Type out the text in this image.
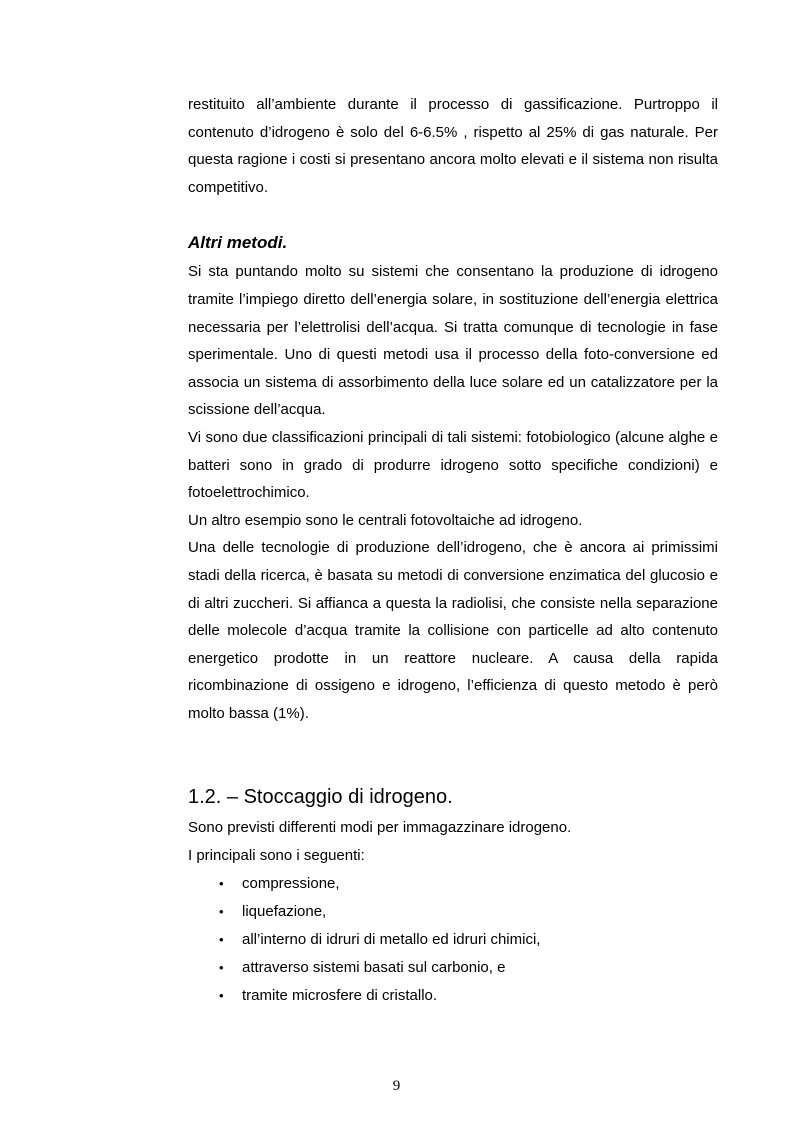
restituito all’ambiente durante il processo di gassificazione. Purtroppo il contenuto d’idrogeno è solo del 6-6.5% , rispetto al 25% di gas naturale. Per questa ragione i costi si presentano ancora molto elevati e il sistema non risulta competitivo.

Altri metodi.

Si sta puntando molto su sistemi che consentano la produzione di idrogeno tramite l’impiego diretto dell’energia solare, in sostituzione dell’energia elettrica necessaria per l’elettrolisi dell’acqua. Si tratta comunque di tecnologie in fase sperimentale. Uno di questi metodi usa il processo della foto-conversione ed associa un sistema di assorbimento della luce solare ed un catalizzatore per la scissione dell’acqua.

Vi sono due classificazioni principali di tali sistemi: fotobiologico (alcune alghe e batteri sono in grado di produrre idrogeno sotto specifiche condizioni) e fotoelettrochimico.

Un altro esempio sono le centrali fotovoltaiche ad idrogeno.

Una delle tecnologie di produzione dell’idrogeno, che è ancora ai primissimi stadi della ricerca, è basata su metodi di conversione enzimatica del glucosio e di altri zuccheri. Si affianca a questa la radiolisi, che consiste nella separazione delle molecole d’acqua tramite la collisione con particelle ad alto contenuto energetico prodotte in un reattore nucleare. A causa della rapida ricombinazione di ossigeno e idrogeno, l’efficienza di questo metodo è però molto bassa (1%).

1.2. – Stoccaggio di idrogeno.

Sono previsti differenti modi per immagazzinare idrogeno.

I principali sono i seguenti:

• compressione,
• liquefazione,
• all’interno di idruri di metallo ed idruri chimici,
• attraverso sistemi basati sul carbonio, e
• tramite microsfere di cristallo.
9
